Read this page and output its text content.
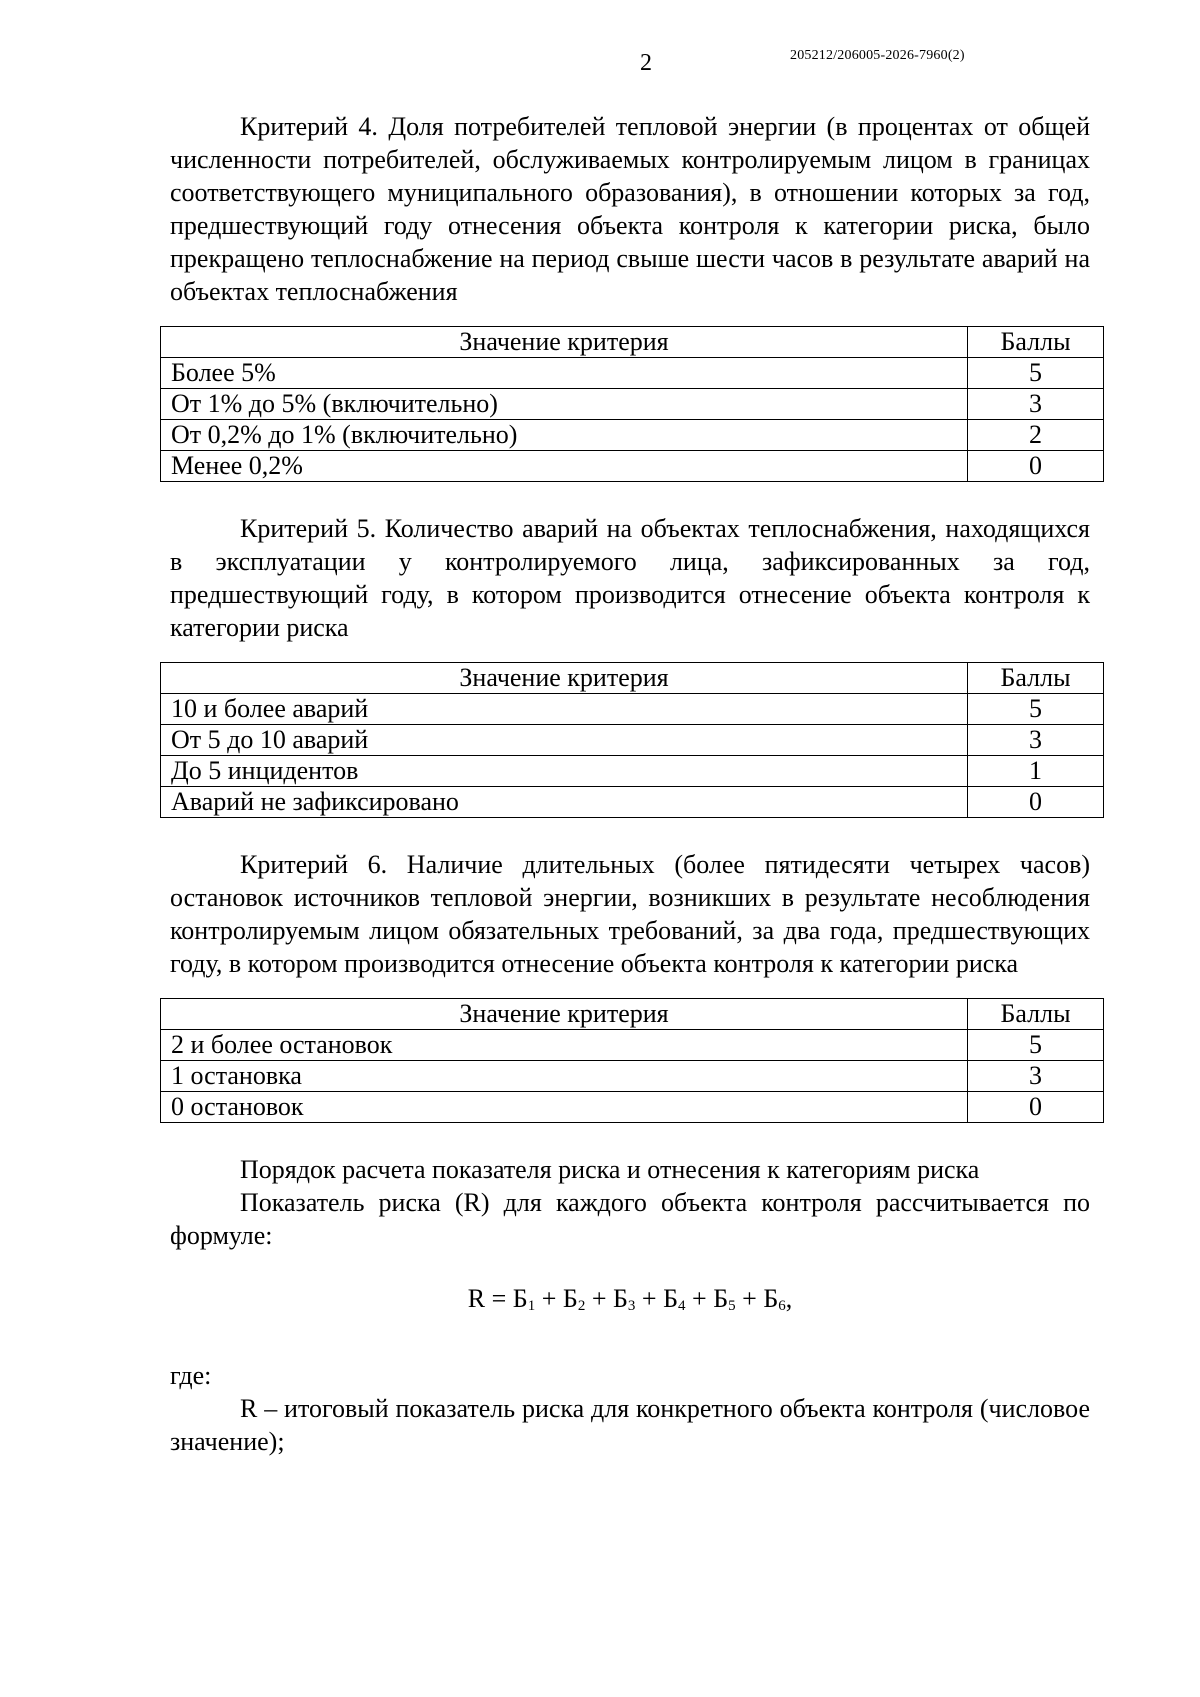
2	205212/206005-2026-7960(2)

Критерий 4. Доля потребителей тепловой энергии (в процентах от общей численности потребителей, обслуживаемых контролируемым лицом в границах соответствующего муниципального образования), в отношении которых за год, предшествующий году отнесения объекта контроля к категории риска, было прекращено теплоснабжение на период свыше шести часов в результате аварий на объектах теплоснабжения

Значение критерия	Баллы
Более 5%	5
От 1% до 5% (включительно)	3
От 0,2% до 1% (включительно)	2
Менее 0,2%	0

Критерий 5. Количество аварий на объектах теплоснабжения, находящихся в эксплуатации у контролируемого лица, зафиксированных за год, предшествующий году, в котором производится отнесение объекта контроля к категории риска

Значение критерия	Баллы
10 и более аварий	5
От 5 до 10 аварий	3
До 5 инцидентов	1
Аварий не зафиксировано	0

Критерий 6. Наличие длительных (более пятидесяти четырех часов) остановок источников тепловой энергии, возникших в результате несоблюдения контролируемым лицом обязательных требований, за два года, предшествующих году, в котором производится отнесение объекта контроля к категории риска

Значение критерия	Баллы
2 и более остановок	5
1 остановка	3
0 остановок	0

Порядок расчета показателя риска и отнесения к категориям риска

Показатель риска (R) для каждого объекта контроля рассчитывается по формуле:

$R = Б_1 + Б_2 + Б_3 + Б_4 + Б_5 + Б_6$,

где:

R – итоговый показатель риска для конкретного объекта контроля (числовое значение);
